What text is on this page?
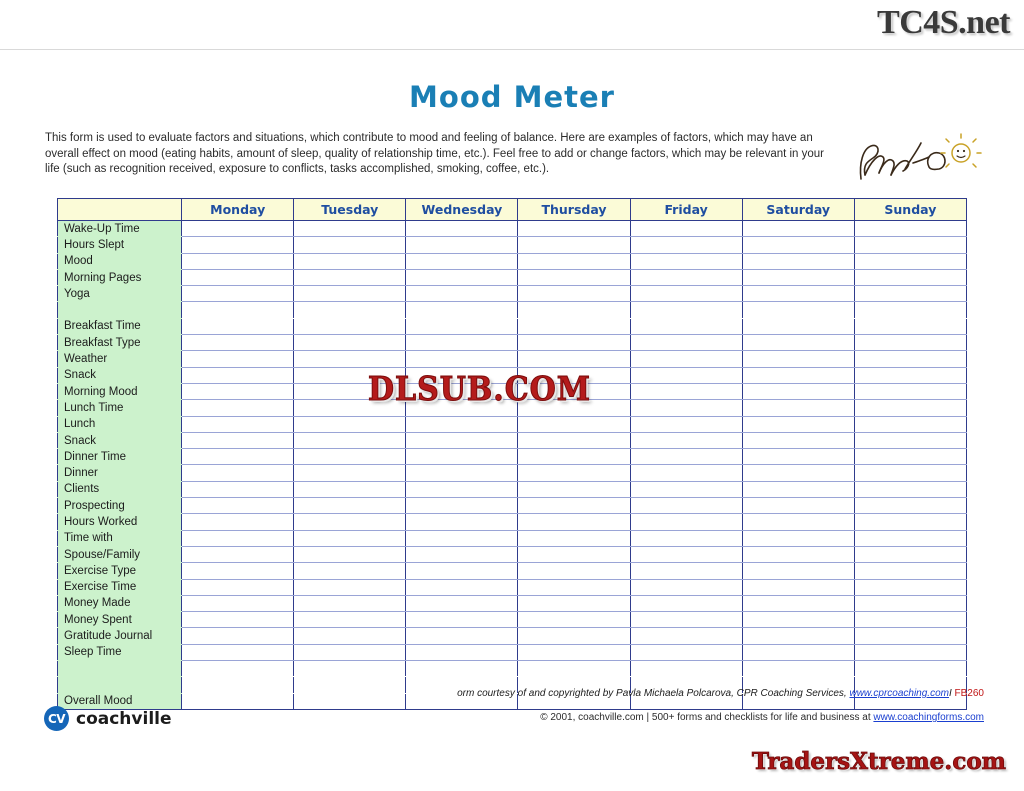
TC4S.net
Mood Meter
This form is used to evaluate factors and situations, which contribute to mood and feeling of balance. Here are examples of factors, which may have an overall effect on mood (eating habits, amount of sleep, quality of relationship time, etc.). Feel free to add or change factors, which may be relevant in your life (such as recognition received, exposure to conflicts, tasks accomplished, smoking, coffee, etc.).
	Monday	Tuesday	Wednesday	Thursday	Friday	Saturday	Sunday
Wake-Up Time							
Hours Slept							
Mood							
Morning Pages							
Yoga							

Breakfast Time							
Breakfast Type							
Weather							
Snack							
Morning Mood							
Lunch Time							
Lunch							
Snack							
Dinner Time							
Dinner							
Clients							
Prospecting							
Hours Worked							
Time with							
Spouse/Family							
Exercise Type							
Exercise Time							
Money Made							
Money Spent							
Gratitude Journal							
Sleep Time							

Overall Mood							
DLSUB.COM
orm courtesy of and copyrighted by Pavla Michaela Polcarova, CPR Coaching Services, www.cprcoaching.comI FB260
© 2001, coachville.com | 500+ forms and checklists for life and business at www.coachingforms.com
CV coachville
TradersXtreme.com
